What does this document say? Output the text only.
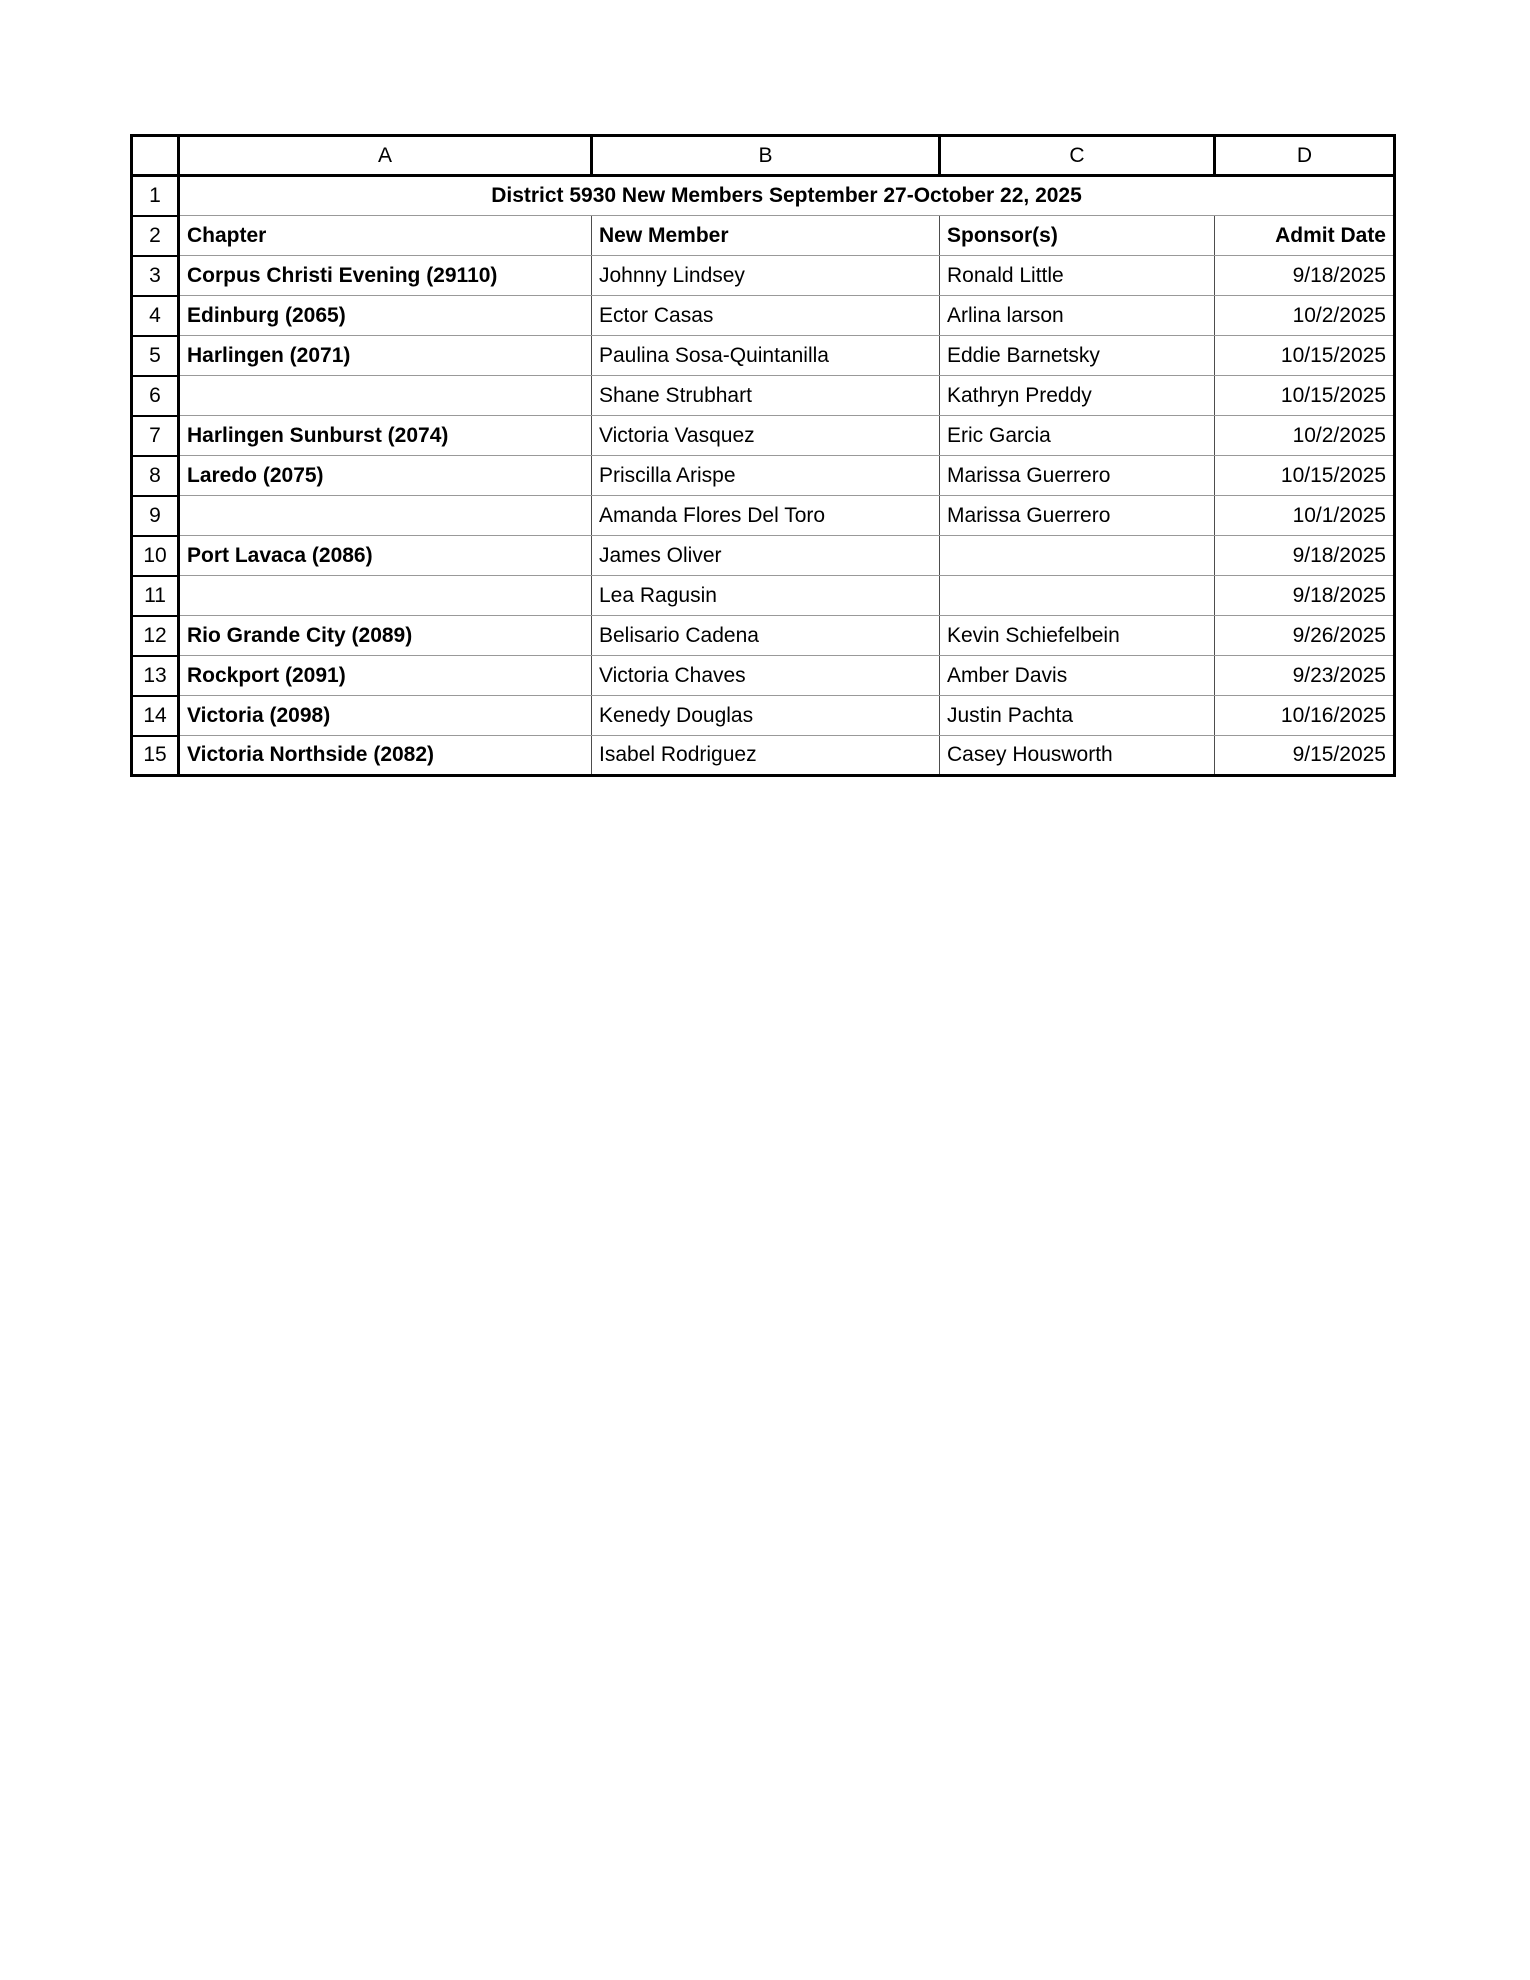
	A	B	C	D
1	District 5930 New Members September 27-October 22, 2025			
2	Chapter	New Member	Sponsor(s)	Admit Date
3	Corpus Christi Evening (29110)	Johnny Lindsey	Ronald Little	9/18/2025
4	Edinburg (2065)	Ector Casas	Arlina larson	10/2/2025
5	Harlingen (2071)	Paulina Sosa-Quintanilla	Eddie Barnetsky	10/15/2025
6		Shane Strubhart	Kathryn Preddy	10/15/2025
7	Harlingen Sunburst (2074)	Victoria Vasquez	Eric Garcia	10/2/2025
8	Laredo (2075)	Priscilla Arispe	Marissa Guerrero	10/15/2025
9		Amanda Flores Del Toro	Marissa Guerrero	10/1/2025
10	Port Lavaca (2086)	James Oliver		9/18/2025
11		Lea Ragusin		9/18/2025
12	Rio Grande City (2089)	Belisario Cadena	Kevin Schiefelbein	9/26/2025
13	Rockport (2091)	Victoria Chaves	Amber Davis	9/23/2025
14	Victoria (2098)	Kenedy Douglas	Justin Pachta	10/16/2025
15	Victoria Northside (2082)	Isabel Rodriguez	Casey Housworth	9/15/2025
